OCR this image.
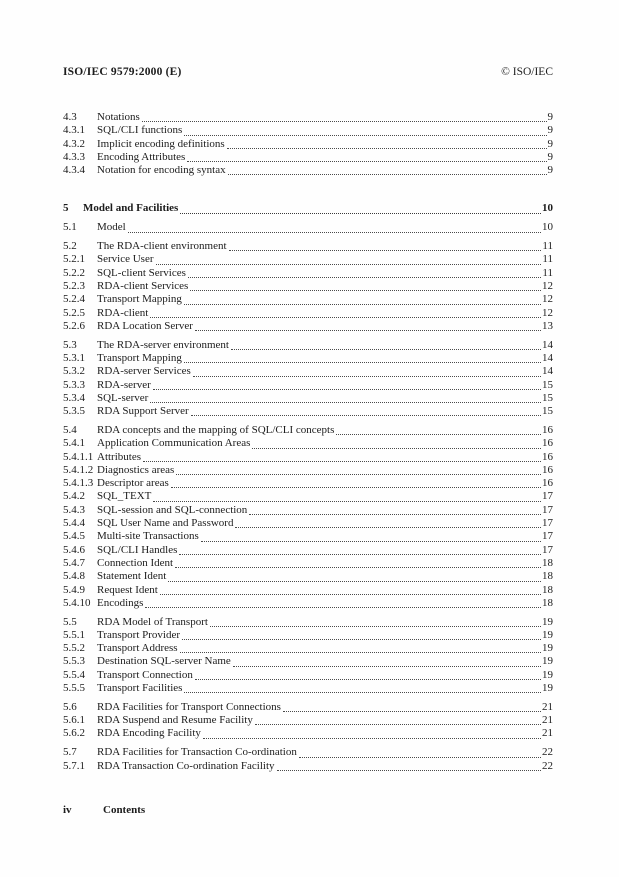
ISO/IEC 9579:2000 (E)	© ISO/IEC
4.3	Notations	9
4.3.1	SQL/CLI functions	9
4.3.2	Implicit encoding definitions	9
4.3.3	Encoding Attributes	9
4.3.4	Notation for encoding syntax	9
5	Model and Facilities	10
5.1	Model	10
5.2	The RDA-client environment	11
5.2.1	Service User	11
5.2.2	SQL-client Services	11
5.2.3	RDA-client Services	12
5.2.4	Transport Mapping	12
5.2.5	RDA-client	12
5.2.6	RDA Location Server	13
5.3	The RDA-server environment	14
5.3.1	Transport Mapping	14
5.3.2	RDA-server Services	14
5.3.3	RDA-server	15
5.3.4	SQL-server	15
5.3.5	RDA Support Server	15
5.4	RDA concepts and the mapping of SQL/CLI concepts	16
5.4.1	Application Communication Areas	16
5.4.1.1 Attributes	16
5.4.1.2 Diagnostics areas	16
5.4.1.3 Descriptor areas	16
5.4.2	SQL_TEXT	17
5.4.3	SQL-session and SQL-connection	17
5.4.4	SQL User Name and Password	17
5.4.5	Multi-site Transactions	17
5.4.6	SQL/CLI Handles	17
5.4.7	Connection Ident	18
5.4.8	Statement Ident	18
5.4.9	Request Ident	18
5.4.10 Encodings	18
5.5	RDA Model of Transport	19
5.5.1	Transport Provider	19
5.5.2	Transport Address	19
5.5.3	Destination SQL-server Name	19
5.5.4	Transport Connection	19
5.5.5	Transport Facilities	19
5.6	RDA Facilities for Transport Connections	21
5.6.1	RDA Suspend and Resume Facility	21
5.6.2	RDA Encoding Facility	21
5.7	RDA Facilities for Transaction Co-ordination	22
5.7.1	RDA Transaction Co-ordination Facility	22
iv	Contents
